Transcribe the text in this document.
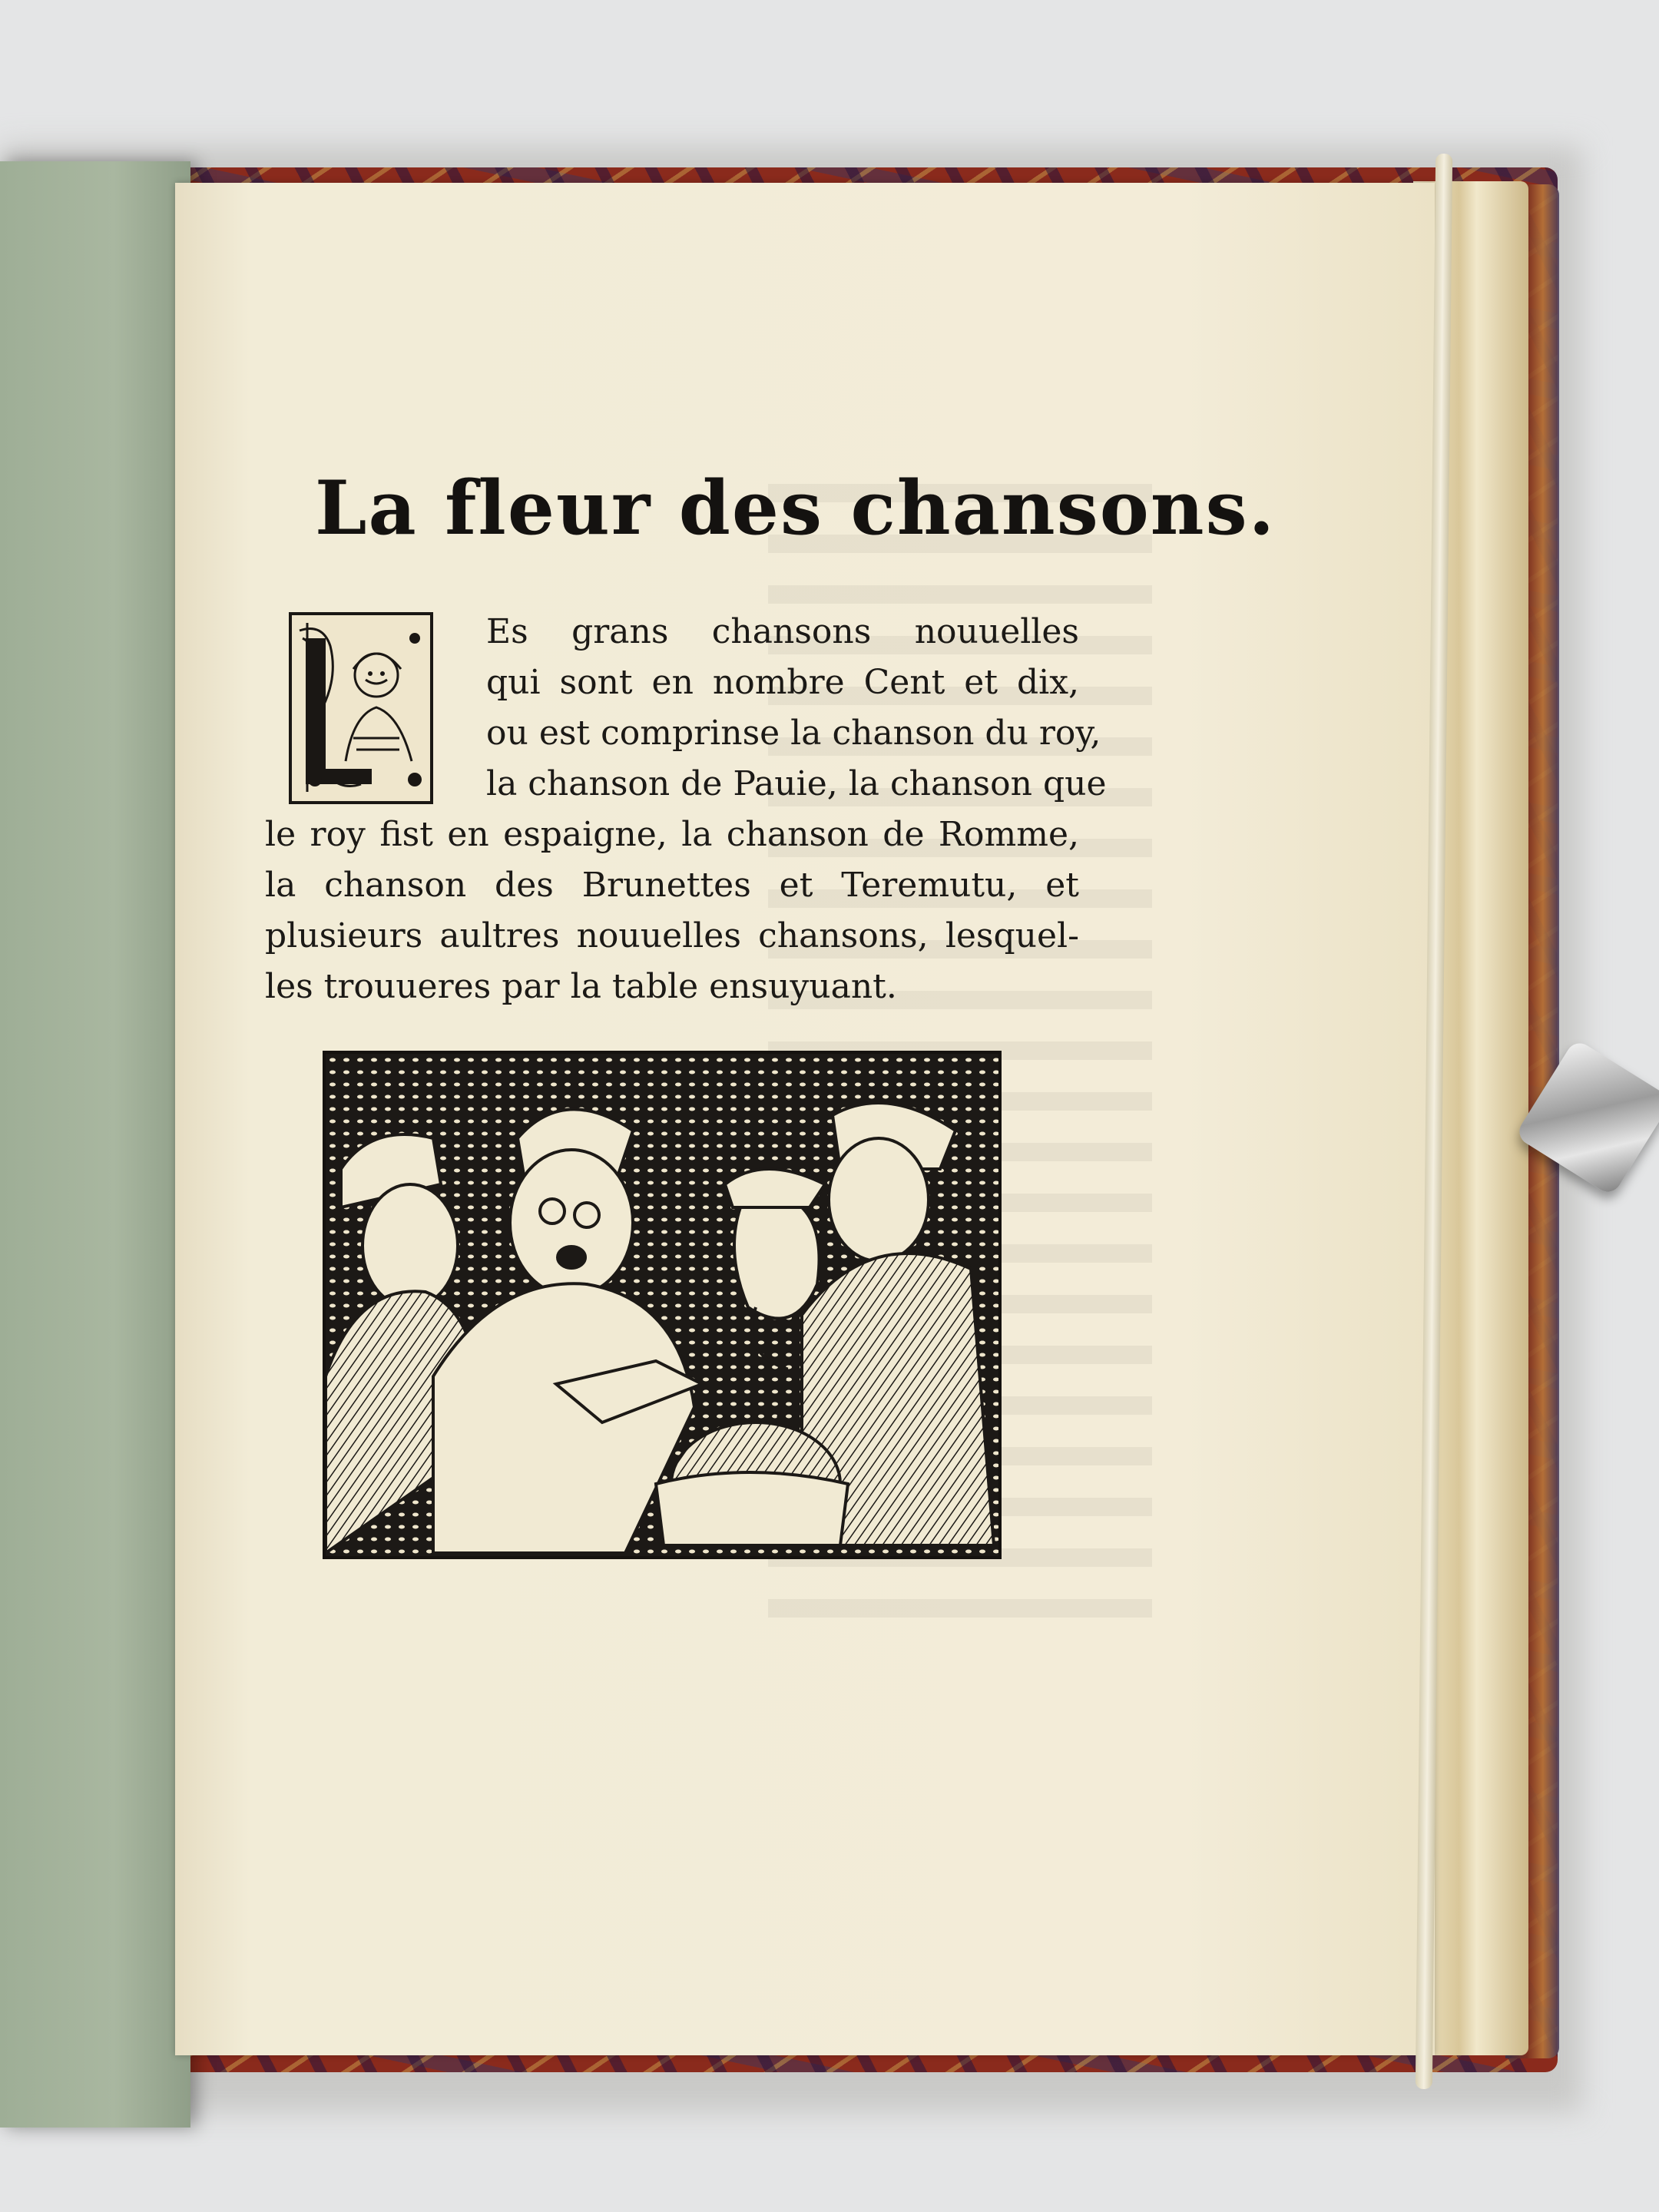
La fleur des chansons.
Es grans chansons nouuelles
qui sont en nombre Cent et dix,
ou est comprinse la chanson du roy,
la chanson de Pauie, la chanson que
le roy fist en espaigne, la chanson de Romme,
la chanson des Brunettes et Teremutu, et
plusieurs aultres nouuelles chansons, lesquel-
les trouueres par la table ensuyuant.
